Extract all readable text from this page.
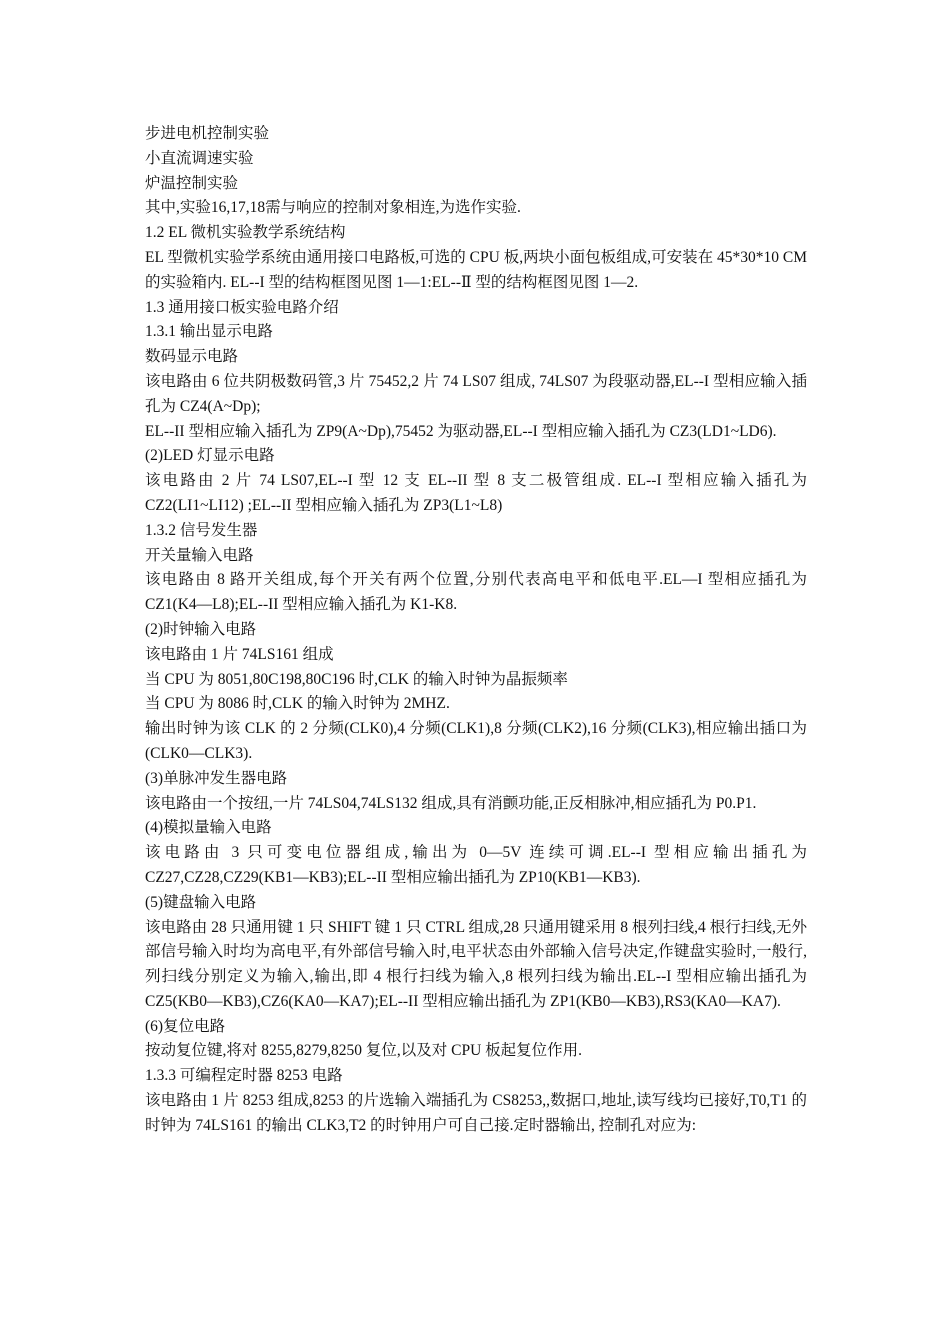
步进电机控制实验

小直流调速实验

炉温控制实验

其中,实验16,17,18需与响应的控制对象相连,为选作实验.

1.2 EL 微机实验教学系统结构

EL 型微机实验学系统由通用接口电路板,可选的 CPU 板,两块小面包板组成,可安装在 45*30*10 CM 的实验箱内. EL--I 型的结构框图见图 1—1:EL--Ⅱ 型的结构框图见图 1—2.

1.3 通用接口板实验电路介绍

1.3.1 输出显示电路

数码显示电路

该电路由 6 位共阴极数码管,3 片 75452,2 片 74 LS07 组成, 74LS07 为段驱动器,EL--I 型相应输入插孔为 CZ4(A~Dp);

EL--II 型相应输入插孔为 ZP9(A~Dp),75452 为驱动器,EL--I 型相应输入插孔为 CZ3(LD1~LD6).

(2)LED 灯显示电路

该电路由 2 片 74 LS07,EL--I 型 12 支 EL--II 型 8 支二极管组成. EL--I 型相应输入插孔为 CZ2(LI1~LI12) ;EL--II 型相应输入插孔为 ZP3(L1~L8)

1.3.2 信号发生器

开关量输入电路

该电路由 8 路开关组成,每个开关有两个位置,分别代表高电平和低电平.EL—I 型相应插孔为 CZ1(K4—L8);EL--II 型相应输入插孔为 K1-K8.

(2)时钟输入电路

该电路由 1 片 74LS161 组成

当 CPU 为 8051,80C198,80C196 时,CLK 的输入时钟为晶振频率

当 CPU 为 8086 时,CLK 的输入时钟为 2MHZ.

输出时钟为该 CLK 的 2 分频(CLK0),4 分频(CLK1),8 分频(CLK2),16 分频(CLK3),相应输出插口为(CLK0—CLK3).

(3)单脉冲发生器电路

该电路由一个按纽,一片 74LS04,74LS132 组成,具有消颤功能,正反相脉冲,相应插孔为 P0.P1.

(4)模拟量输入电路

该电路由 3 只可变电位器组成,输出为 0—5V 连续可调.EL--I 型相应输出插孔为 CZ27,CZ28,CZ29(KB1—KB3);EL--II 型相应输出插孔为 ZP10(KB1—KB3).

(5)键盘输入电路

该电路由 28 只通用键 1 只 SHIFT 键 1 只 CTRL 组成,28 只通用键采用 8 根列扫线,4 根行扫线,无外部信号输入时均为高电平,有外部信号输入时,电平状态由外部输入信号决定,作键盘实验时,一般行,列扫线分别定义为输入,输出,即 4 根行扫线为输入,8 根列扫线为输出.EL--I 型相应输出插孔为 CZ5(KB0—KB3),CZ6(KA0—KA7);EL--II 型相应输出插孔为 ZP1(KB0—KB3),RS3(KA0—KA7).

(6)复位电路

按动复位键,将对 8255,8279,8250 复位,以及对 CPU 板起复位作用.

1.3.3 可编程定时器 8253 电路

该电路由 1 片 8253 组成,8253 的片选输入端插孔为 CS8253,,数据口,地址,读写线均已接好,T0,T1 的时钟为 74LS161 的输出 CLK3,T2 的时钟用户可自己接.定时器输出, 控制孔对应为:
